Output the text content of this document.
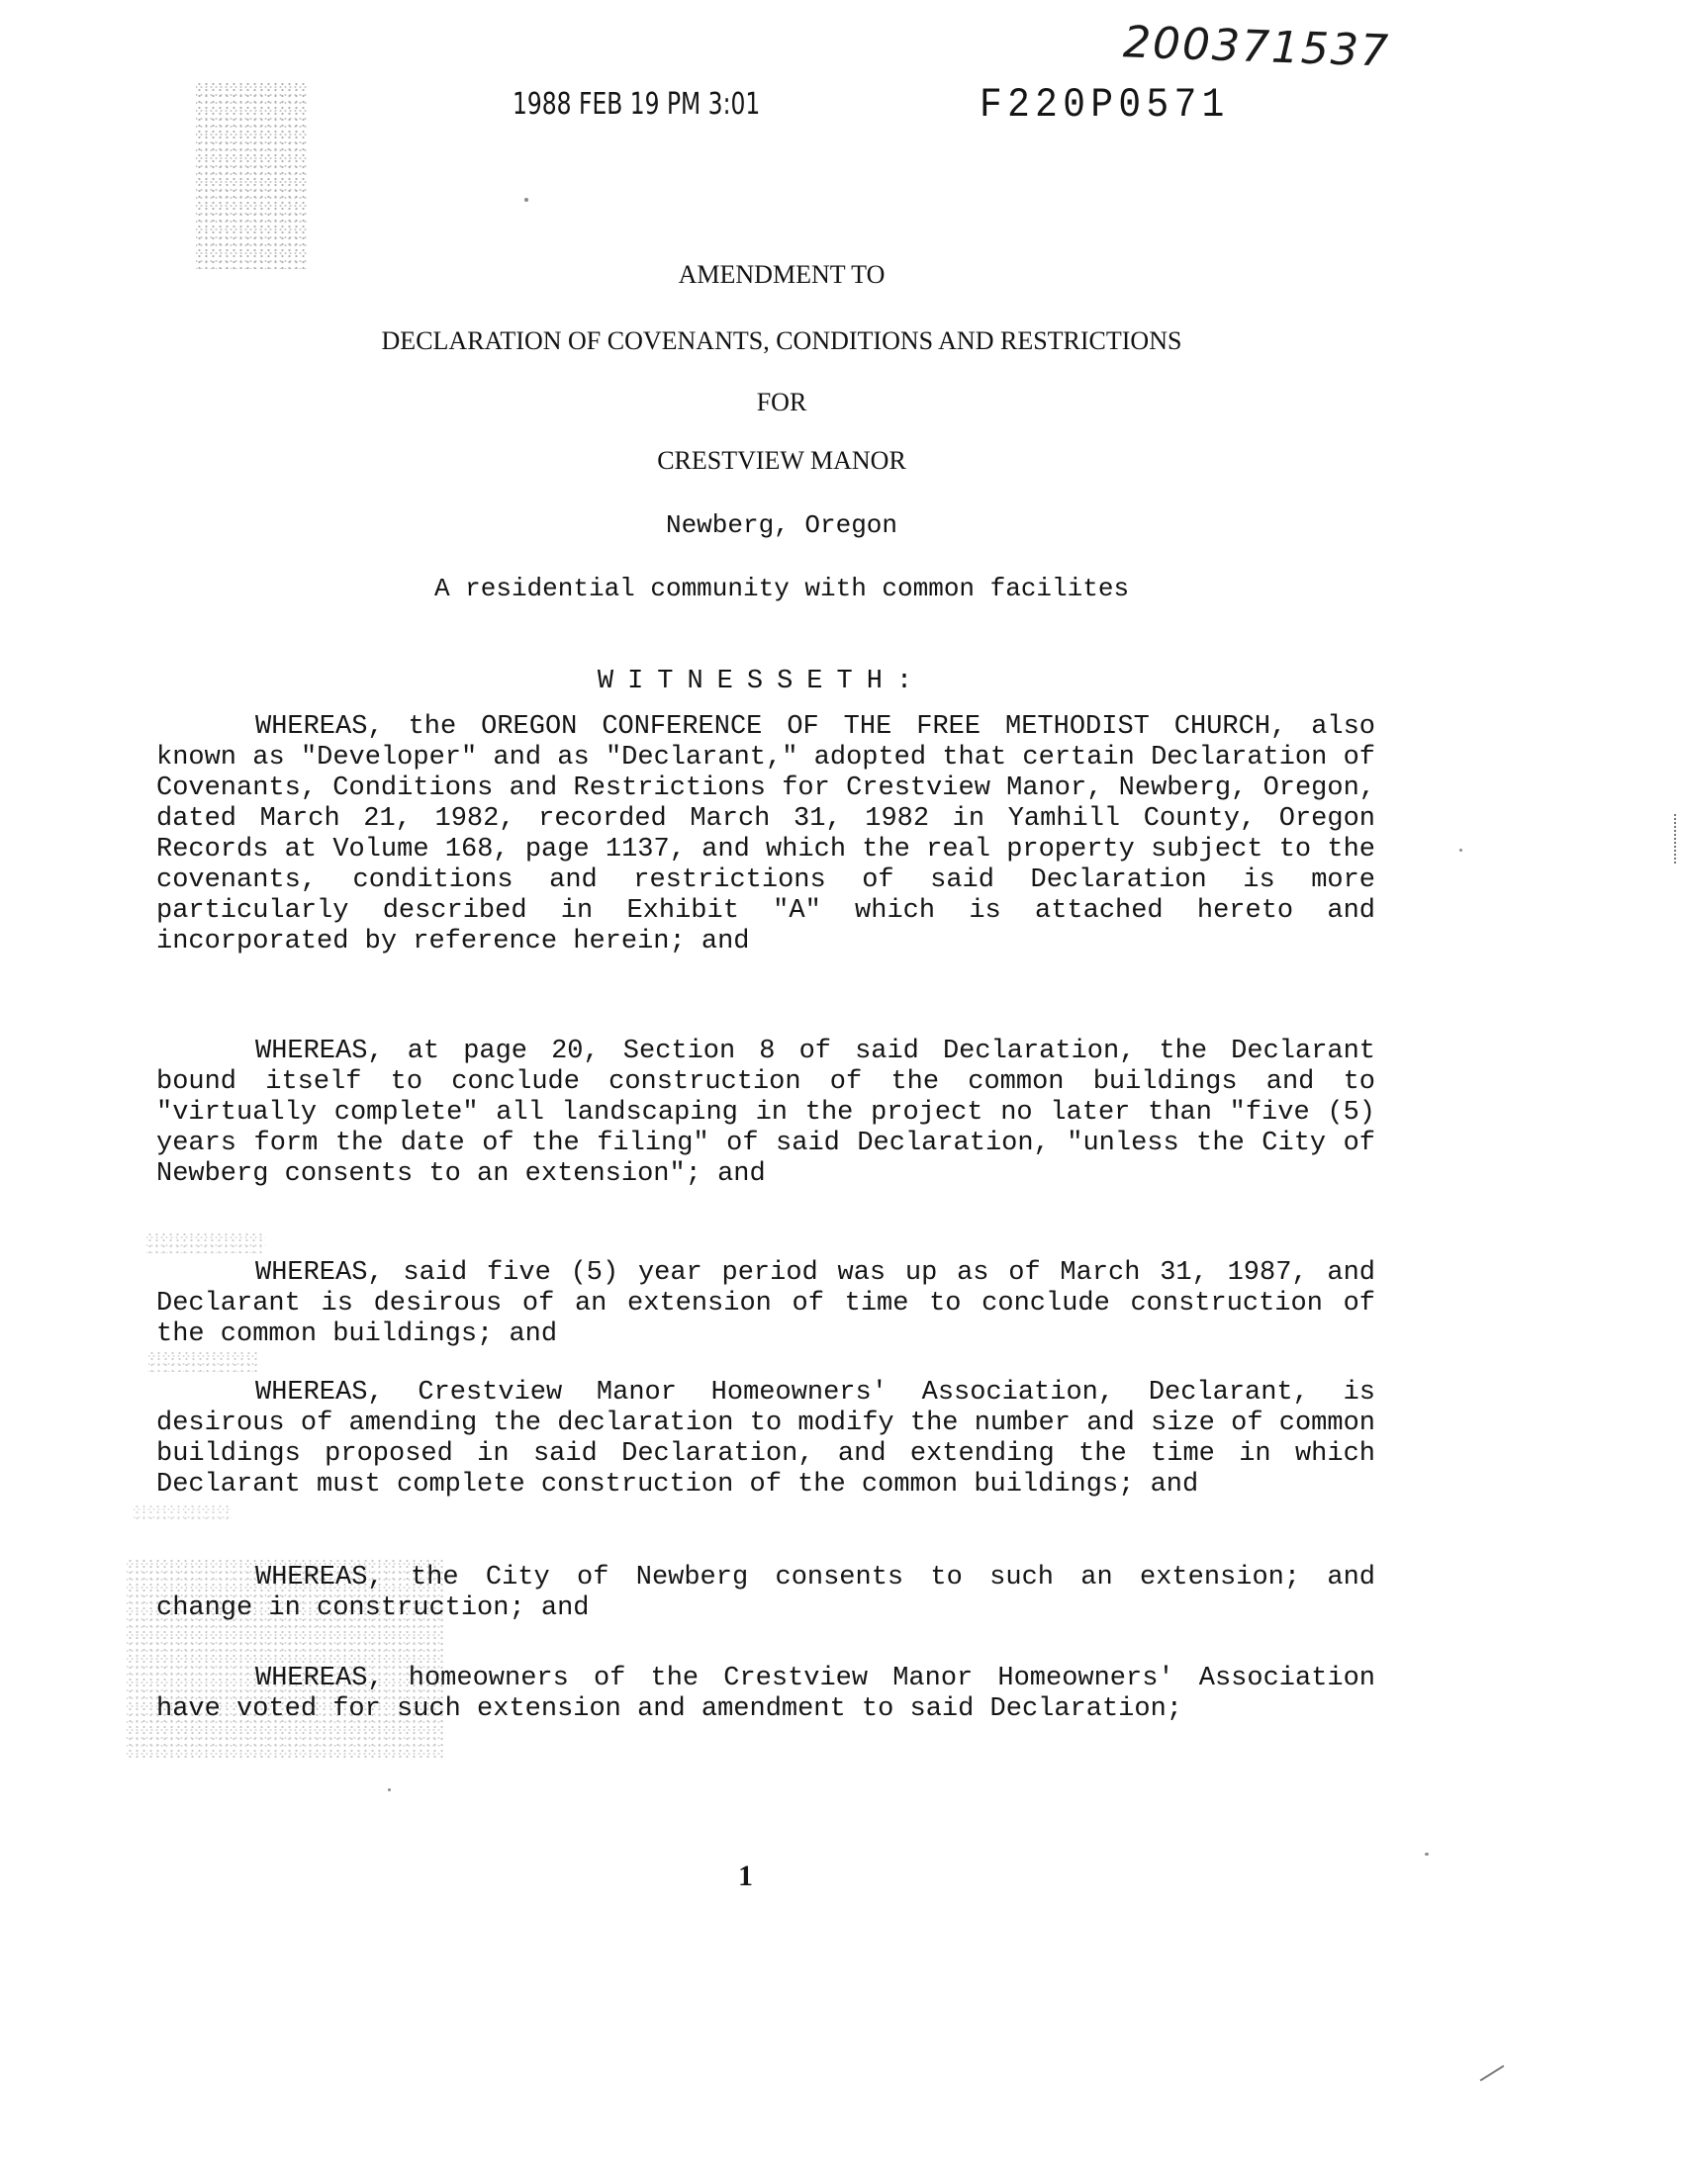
200371537
1988 FEB 19 PM 3:01	F220P0571
AMENDMENT TO
DECLARATION OF COVENANTS, CONDITIONS AND RESTRICTIONS
FOR
CRESTVIEW MANOR
Newberg, Oregon
A residential community with common facilites
WITNESSETH:

WHEREAS, the OREGON CONFERENCE OF THE FREE METHODIST CHURCH, also known as "Developer" and as "Declarant," adopted that certain Declaration of Covenants, Conditions and Restrictions for Crestview Manor, Newberg, Oregon, dated March 21, 1982, recorded March 31, 1982 in Yamhill County, Oregon Records at Volume 168, page 1137, and which the real property subject to the covenants, conditions and restrictions of said Declaration is more particularly described in Exhibit "A" which is attached hereto and incorporated by reference herein; and

WHEREAS, at page 20, Section 8 of said Declaration, the Declarant bound itself to conclude construction of the common buildings and to "virtually complete" all landscaping in the project no later than "five (5) years form the date of the filing" of said Declaration, "unless the City of Newberg consents to an extension"; and

WHEREAS, said five (5) year period was up as of March 31, 1987, and Declarant is desirous of an extension of time to conclude construction of the common buildings; and

WHEREAS, Crestview Manor Homeowners' Association, Declarant, is desirous of amending the declaration to modify the number and size of common buildings proposed in said Declaration, and extending the time in which Declarant must complete construction of the common buildings; and

WHEREAS, the City of Newberg consents to such an extension; and change in construction; and

WHEREAS, homeowners of the Crestview Manor Homeowners' Association have voted for such extension and amendment to said Declaration;

1
